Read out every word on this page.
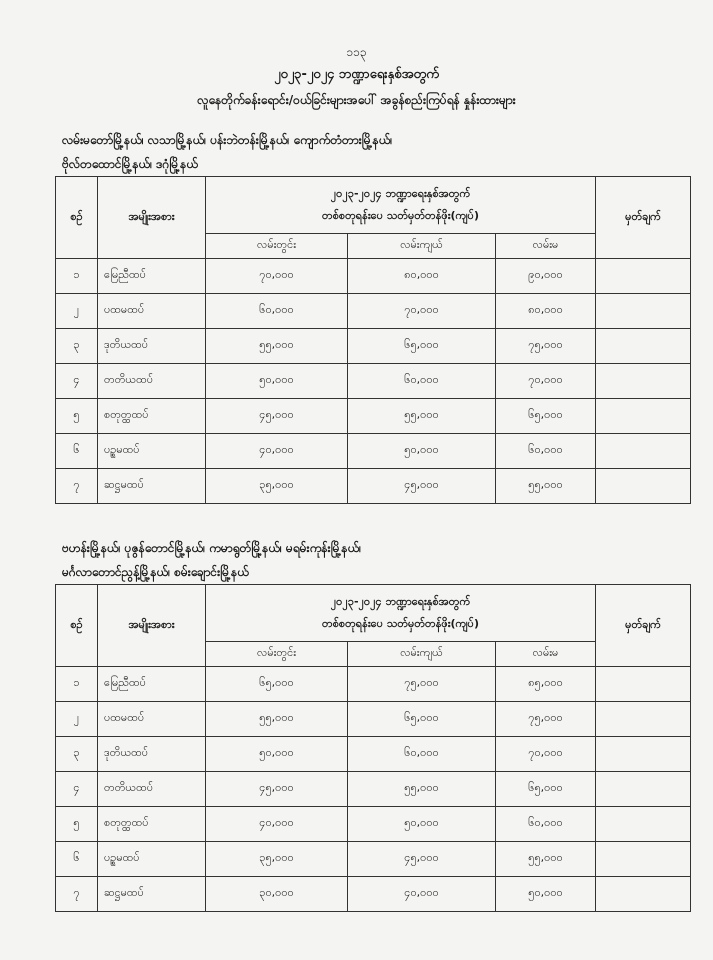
၁၁၃
၂၀၂၃-၂၀၂၄ ဘဏ္ဍာရေးနှစ်အတွက်
လူနေတိုက်ခန်းရောင်း/ဝယ်ခြင်းများအပေါ် အခွန်စည်းကြပ်ရန် နှုန်းထားများ
လမ်းမတော်မြို့နယ်၊ လသာမြို့နယ်၊ ပန်းဘဲတန်းမြို့နယ်၊ ကျောက်တံတားမြို့နယ်၊
ဗိုလ်တထောင်မြို့နယ်၊ ဒဂုံမြို့နယ်
စဉ်	အမျိုးအစား	၂၀၂၃-၂၀၂၄ ဘဏ္ဍာရေးနှစ်အတွက်
တစ်စတုရန်းပေ သတ်မှတ်တန်ဖိုး(ကျပ်)			မှတ်ချက်
		လမ်းတွင်း	လမ်းကျယ်	လမ်းမ	
၁	မြေညီထပ်	၇၀,၀၀၀	၈၀,၀၀၀	၉၀,၀၀၀	
၂	ပထမထပ်	၆၀,၀၀၀	၇၀,၀၀၀	၈၀,၀၀၀	
၃	ဒုတိယထပ်	၅၅,၀၀၀	၆၅,၀၀၀	၇၅,၀၀၀	
၄	တတိယထပ်	၅၀,၀၀၀	၆၀,၀၀၀	၇၀,၀၀၀	
၅	စတုတ္ထထပ်	၄၅,၀၀၀	၅၅,၀၀၀	၆၅,၀၀၀	
၆	ပဉ္စမထပ်	၄၀,၀၀၀	၅၀,၀၀၀	၆၀,၀၀၀	
၇	ဆဋ္ဌမထပ်	၃၅,၀၀၀	၄၅,၀၀၀	၅၅,၀၀၀	
ဗဟန်းမြို့နယ်၊ ပုဇွန်တောင်မြို့နယ်၊ ကမာရွတ်မြို့နယ်၊ မရမ်းကုန်းမြို့နယ်၊
မင်္ဂလာတောင်ညွန့်မြို့နယ်၊ စမ်းချောင်းမြို့နယ်
စဉ်	အမျိုးအစား	၂၀၂၃-၂၀၂၄ ဘဏ္ဍာရေးနှစ်အတွက်
တစ်စတုရန်းပေ သတ်မှတ်တန်ဖိုး(ကျပ်)			မှတ်ချက်
		လမ်းတွင်း	လမ်းကျယ်	လမ်းမ	
၁	မြေညီထပ်	၆၅,၀၀၀	၇၅,၀၀၀	၈၅,၀၀၀	
၂	ပထမထပ်	၅၅,၀၀၀	၆၅,၀၀၀	၇၅,၀၀၀	
၃	ဒုတိယထပ်	၅၀,၀၀၀	၆၀,၀၀၀	၇၀,၀၀၀	
၄	တတိယထပ်	၄၅,၀၀၀	၅၅,၀၀၀	၆၅,၀၀၀	
၅	စတုတ္ထထပ်	၄၀,၀၀၀	၅၀,၀၀၀	၆၀,၀၀၀	
၆	ပဉ္စမထပ်	၃၅,၀၀၀	၄၅,၀၀၀	၅၅,၀၀၀	
၇	ဆဋ္ဌမထပ်	၃၀,၀၀၀	၄၀,၀၀၀	၅၀,၀၀၀	
